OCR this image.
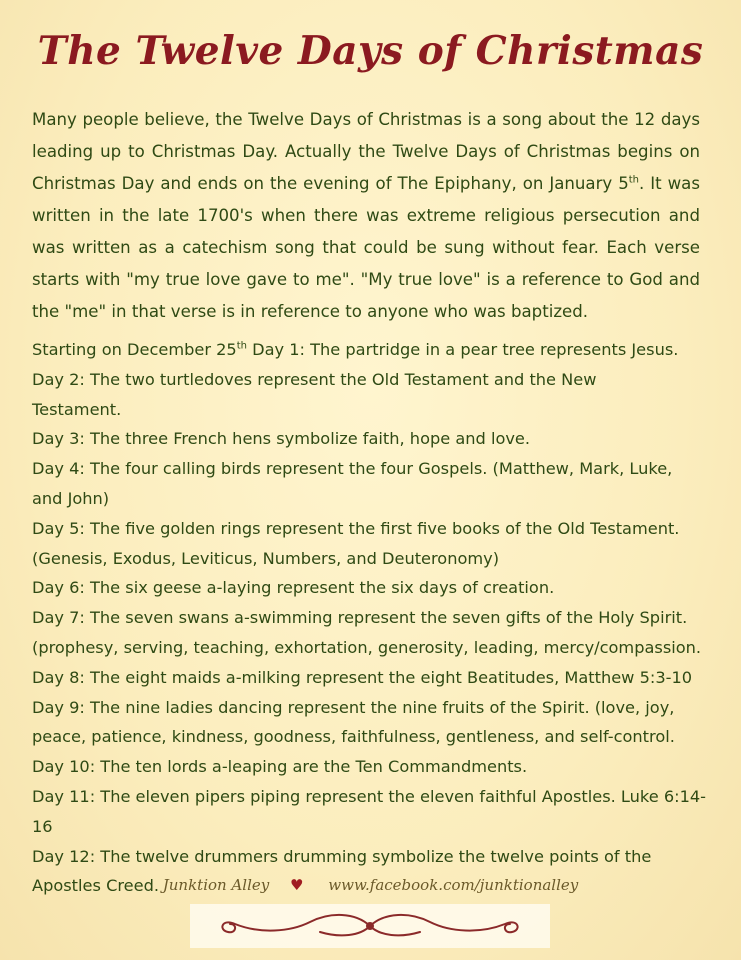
The Twelve Days of Christmas

Many people believe, the Twelve Days of Christmas is a song about the 12 days leading up to Christmas Day. Actually the Twelve Days of Christmas begins on Christmas Day and ends on the evening of The Epiphany, on January 5th. It was written in the late 1700's when there was extreme religious persecution and was written as a catechism song that could be sung without fear. Each verse starts with "my true love gave to me". "My true love" is a reference to God and the "me" in that verse is in reference to anyone who was baptized.

Starting on December 25th Day 1: The partridge in a pear tree represents Jesus.
Day 2: The two turtledoves represent the Old Testament and the New
Testament.
Day 3: The three French hens symbolize faith, hope and love.
Day 4: The four calling birds represent the four Gospels. (Matthew, Mark, Luke,
and John)
Day 5: The five golden rings represent the first five books of the Old Testament.
(Genesis, Exodus, Leviticus, Numbers, and Deuteronomy)
Day 6: The six geese a-laying represent the six days of creation.
Day 7: The seven swans a-swimming represent the seven gifts of the Holy Spirit.
(prophesy, serving, teaching, exhortation, generosity, leading, mercy/compassion.
Day 8: The eight maids a-milking represent the eight Beatitudes, Matthew 5:3-10
Day 9: The nine ladies dancing represent the nine fruits of the Spirit. (love, joy,
peace, patience, kindness, goodness, faithfulness, gentleness, and self-control.
Day 10: The ten lords a-leaping are the Ten Commandments.
Day 11: The eleven pipers piping represent the eleven faithful Apostles. Luke 6:14-16
Day 12: The twelve drummers drumming symbolize the twelve points of the
Apostles Creed. Junktion Alley ♥ www.facebook.com/junktionalley
